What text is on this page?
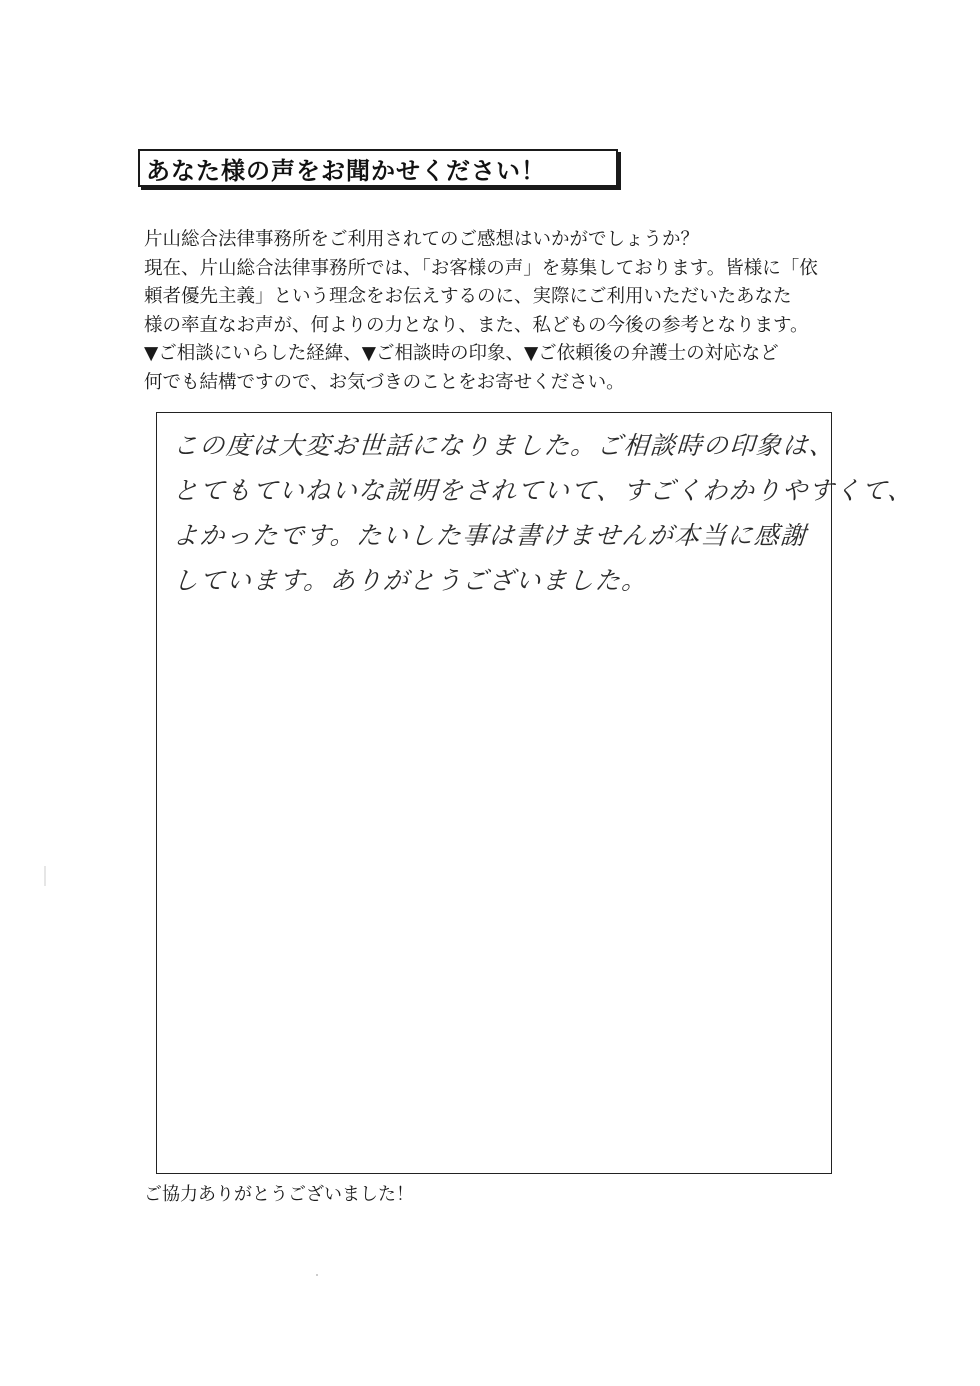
あなた様の声をお聞かせください！
片山総合法律事務所をご利用されてのご感想はいかがでしょうか？
現在、片山総合法律事務所では、「お客様の声」を募集しております。皆様に「依
頼者優先主義」という理念をお伝えするのに、実際にご利用いただいたあなた
様の率直なお声が、何よりの力となり、また、私どもの今後の参考となります。
▼ご相談にいらした経緯、▼ご相談時の印象、▼ご依頼後の弁護士の対応など
何でも結構ですので、お気づきのことをお寄せください。
この度は大変お世話になりました。ご相談時の印象は、
とてもていねいな説明をされていて、すごくわかりやすくて、
よかったです。たいした事は書けませんが本当に感謝
しています。ありがとうございました。
ご協力ありがとうございました！
